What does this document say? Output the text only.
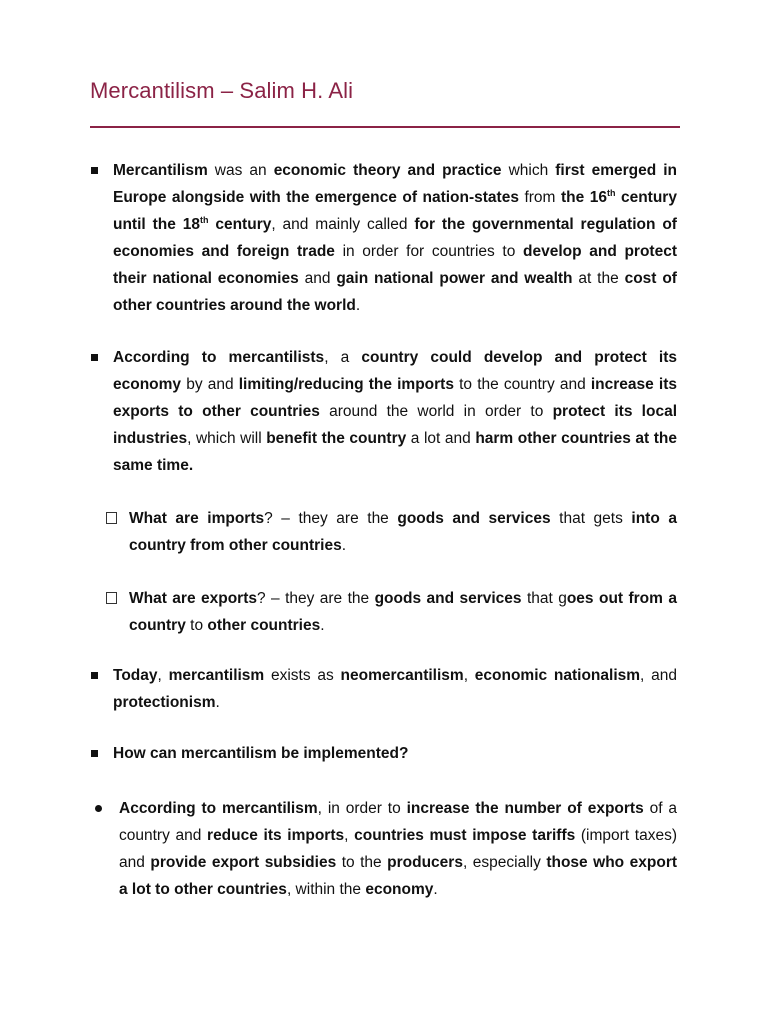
Mercantilism – Salim H. Ali
Mercantilism was an economic theory and practice which first emerged in Europe alongside with the emergence of nation-states from the 16th century until the 18th century, and mainly called for the governmental regulation of economies and foreign trade in order for countries to develop and protect their national economies and gain national power and wealth at the cost of other countries around the world.
According to mercantilists, a country could develop and protect its economy by and limiting/reducing the imports to the country and increase its exports to other countries around the world in order to protect its local industries, which will benefit the country a lot and harm other countries at the same time.
What are imports? – they are the goods and services that gets into a country from other countries.
What are exports? – they are the goods and services that goes out from a country to other countries.
Today, mercantilism exists as neomercantilism, economic nationalism, and protectionism.
How can mercantilism be implemented?
According to mercantilism, in order to increase the number of exports of a country and reduce its imports, countries must impose tariffs (import taxes) and provide export subsidies to the producers, especially those who export a lot to other countries, within the economy.
